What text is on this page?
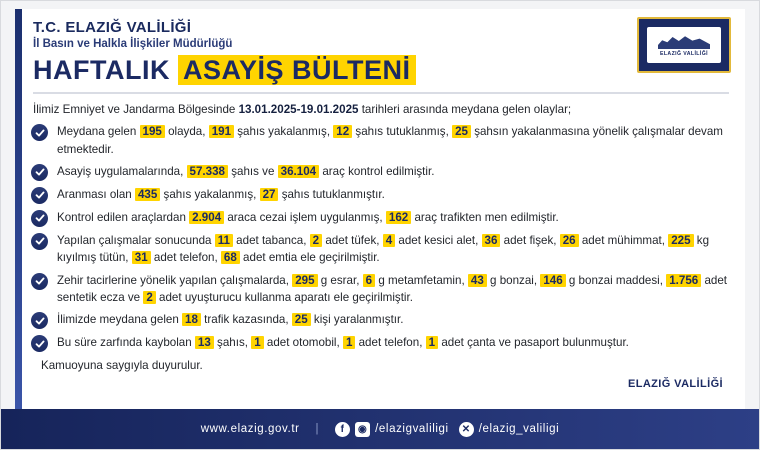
T.C. ELAZIĞ VALİLİĞİ
İl Basın ve Halkla İlişkiler Müdürlüğü
HAFTALIK ASAYİŞ BÜLTENİ
ELAZIĞ VALİLİĞİ
İlimiz Emniyet ve Jandarma Bölgesinde 13.01.2025-19.01.2025 tarihleri arasında meydana gelen olaylar;
Meydana gelen 195 olayda, 191 şahıs yakalanmış, 12 şahıs tutuklanmış, 25 şahsın yakalanmasına yönelik çalışmalar devam etmektedir.
Asayiş uygulamalarında, 57.338 şahıs ve 36.104 araç kontrol edilmiştir.
Aranması olan 435 şahıs yakalanmış, 27 şahıs tutuklanmıştır.
Kontrol edilen araçlardan 2.904 araca cezai işlem uygulanmış, 162 araç trafikten men edilmiştir.
Yapılan çalışmalar sonucunda 11 adet tabanca, 2 adet tüfek, 4 adet kesici alet, 36 adet fişek, 26 adet mühimmat, 225 kg kıyılmış tütün, 31 adet telefon, 68 adet emtia ele geçirilmiştir.
Zehir tacirlerine yönelik yapılan çalışmalarda, 295 g esrar, 6 g metamfetamin, 43 g bonzai, 146 g bonzai maddesi, 1.756 adet sentetik ecza ve 2 adet uyuşturucu kullanma aparatı ele geçirilmiştir.
İlimizde meydana gelen 18 trafik kazasında, 25 kişi yaralanmıştır.
Bu süre zarfında kaybolan 13 şahıs, 1 adet otomobil, 1 adet telefon, 1 adet çanta ve pasaport bulunmuştur.
Kamuoyuna saygıyla duyurulur.
ELAZIĞ VALİLİĞİ
www.elazig.gov.tr |	f	◉ /elazigvaliligi	✕ /elazig_valiligi
